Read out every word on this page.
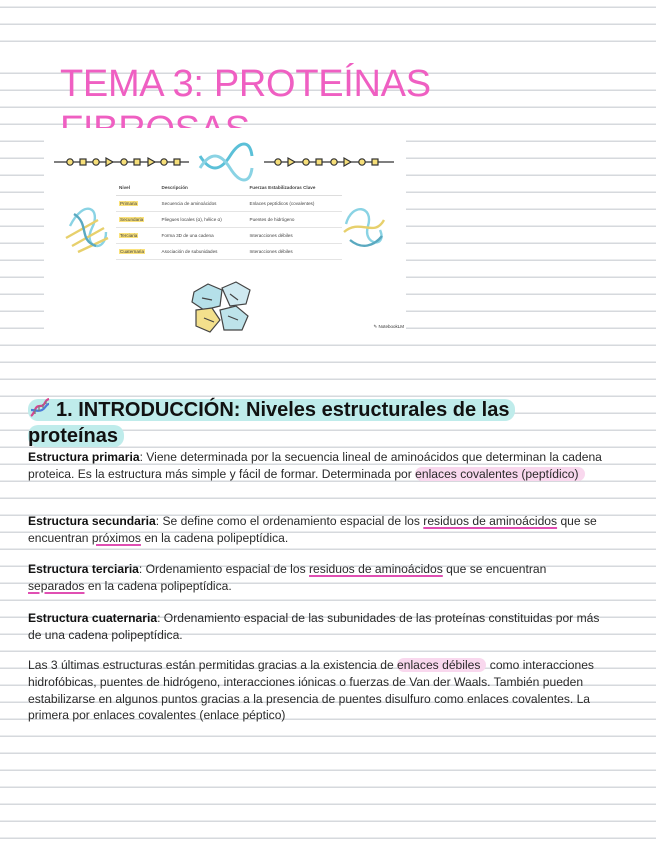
TEMA 3: PROTEÍNAS
Nivel	Descripción	Fuerzas Estabilizadoras Clave
Primaria	Secuencia de aminoácidos	Enlaces peptídicos (covalentes)
Secundaria	Pliegues locales (α), hélice α)	Puentes de hidrógeno
Terciaria	Forma 3D de una cadena	Interacciones débiles
Cuaternaria	Asociación de subunidades	Interacciones débiles
✎ NotebookLM
1. INTRODUCCIÓN: Niveles estructurales de las proteínas

Estructura primaria: Viene determinada por la secuencia lineal de aminoácidos que determinan la cadena proteica. Es la estructura más simple y fácil de formar. Determinada por enlaces covalentes (peptídico)

Estructura secundaria: Se define como el ordenamiento espacial de los residuos de aminoácidos que se encuentran próximos en la cadena polipeptídica.

Estructura terciaria: Ordenamiento espacial de los residuos de aminoácidos que se encuentran separados en la cadena polipeptídica.

Estructura cuaternaria: Ordenamiento espacial de las subunidades de las proteínas constituidas por más de una cadena polipeptídica.

Las 3 últimas estructuras están permitidas gracias a la existencia de enlaces débiles como interacciones hidrofóbicas, puentes de hidrógeno, interacciones iónicas o fuerzas de Van der Waals. También pueden estabilizarse en algunos puntos gracias a la presencia de puentes disulfuro como enlaces covalentes. La primera por enlaces covalentes (enlace péptico)
